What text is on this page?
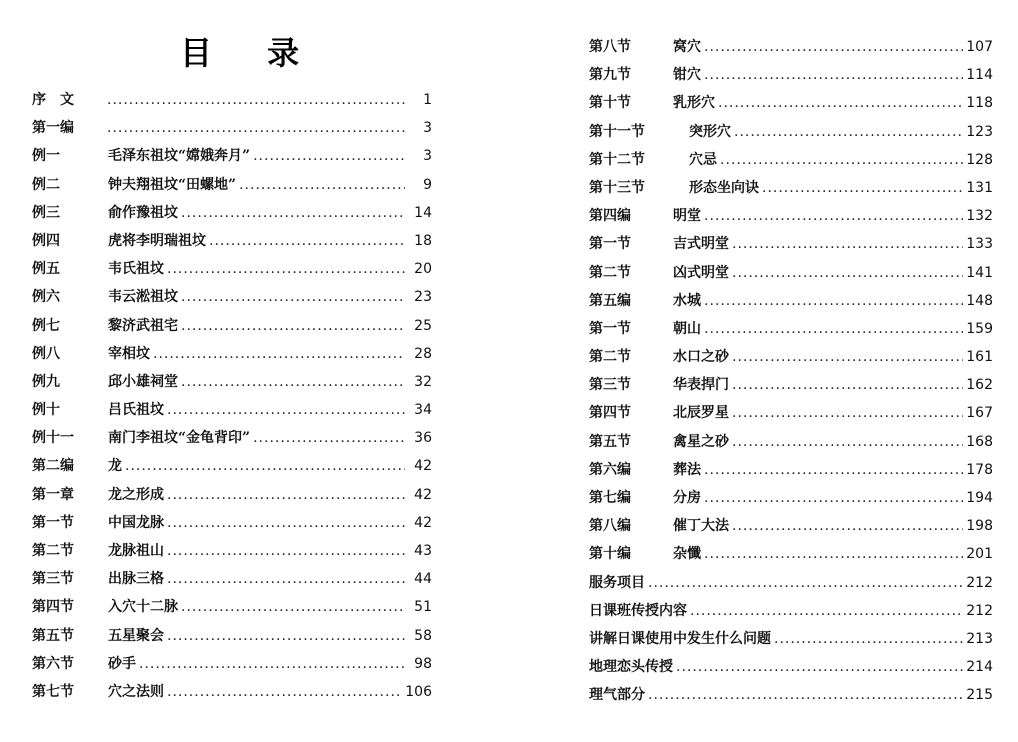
目 录
序　文 .....	1
第一编 .....	3
例一	毛泽东祖坟“嫦娥奔月” .....	3
例二	钟夫翔祖坟“田螺地” .....	9
例三	俞作豫祖坟 .....	14
例四	虎将李明瑞祖坟 .....	18
例五	韦氏祖坟 .....	20
例六	韦云淞祖坟 .....	23
例七	黎济武祖宅 .....	25
例八	宰相坟 .....	28
例九	邱小雄祠堂 .....	32
例十	吕氏祖坟 .....	34
例十一	南门李祖坟“金龟背印” .....	36
第二编	龙 .....	42
第一章	龙之形成 .....	42
第一节	中国龙脉 .....	42
第二节	龙脉祖山 .....	43
第三节	出脉三格 .....	44
第四节	入穴十二脉 .....	51
第五节	五星聚会 .....	58
第六节	砂手 .....	98
第七节	穴之法则 .....	106
第八节	窝穴 .....	107
第九节	钳穴 .....	114
第十节	乳形穴 .....	118
第十一节	突形穴 .....	123
第十二节	穴忌 .....	128
第十三节	形态坐向诀 .....	131
第四编	明堂 .....	132
第一节	吉式明堂 .....	133
第二节	凶式明堂 .....	141
第五编	水城 .....	148
第一节	朝山 .....	159
第二节	水口之砂 .....	161
第三节	华表捍门 .....	162
第四节	北辰罗星 .....	167
第五节	禽星之砂 .....	168
第六编	葬法 .....	178
第七编	分房 .....	194
第八编	催丁大法 .....	198
第十编	杂懺 .....	201
服务项目 .....	212
日课班传授内容 .....	212
讲解日课使用中发生什么问题 .....	213
地理恋头传授 .....	214
理气部分 .....	215
